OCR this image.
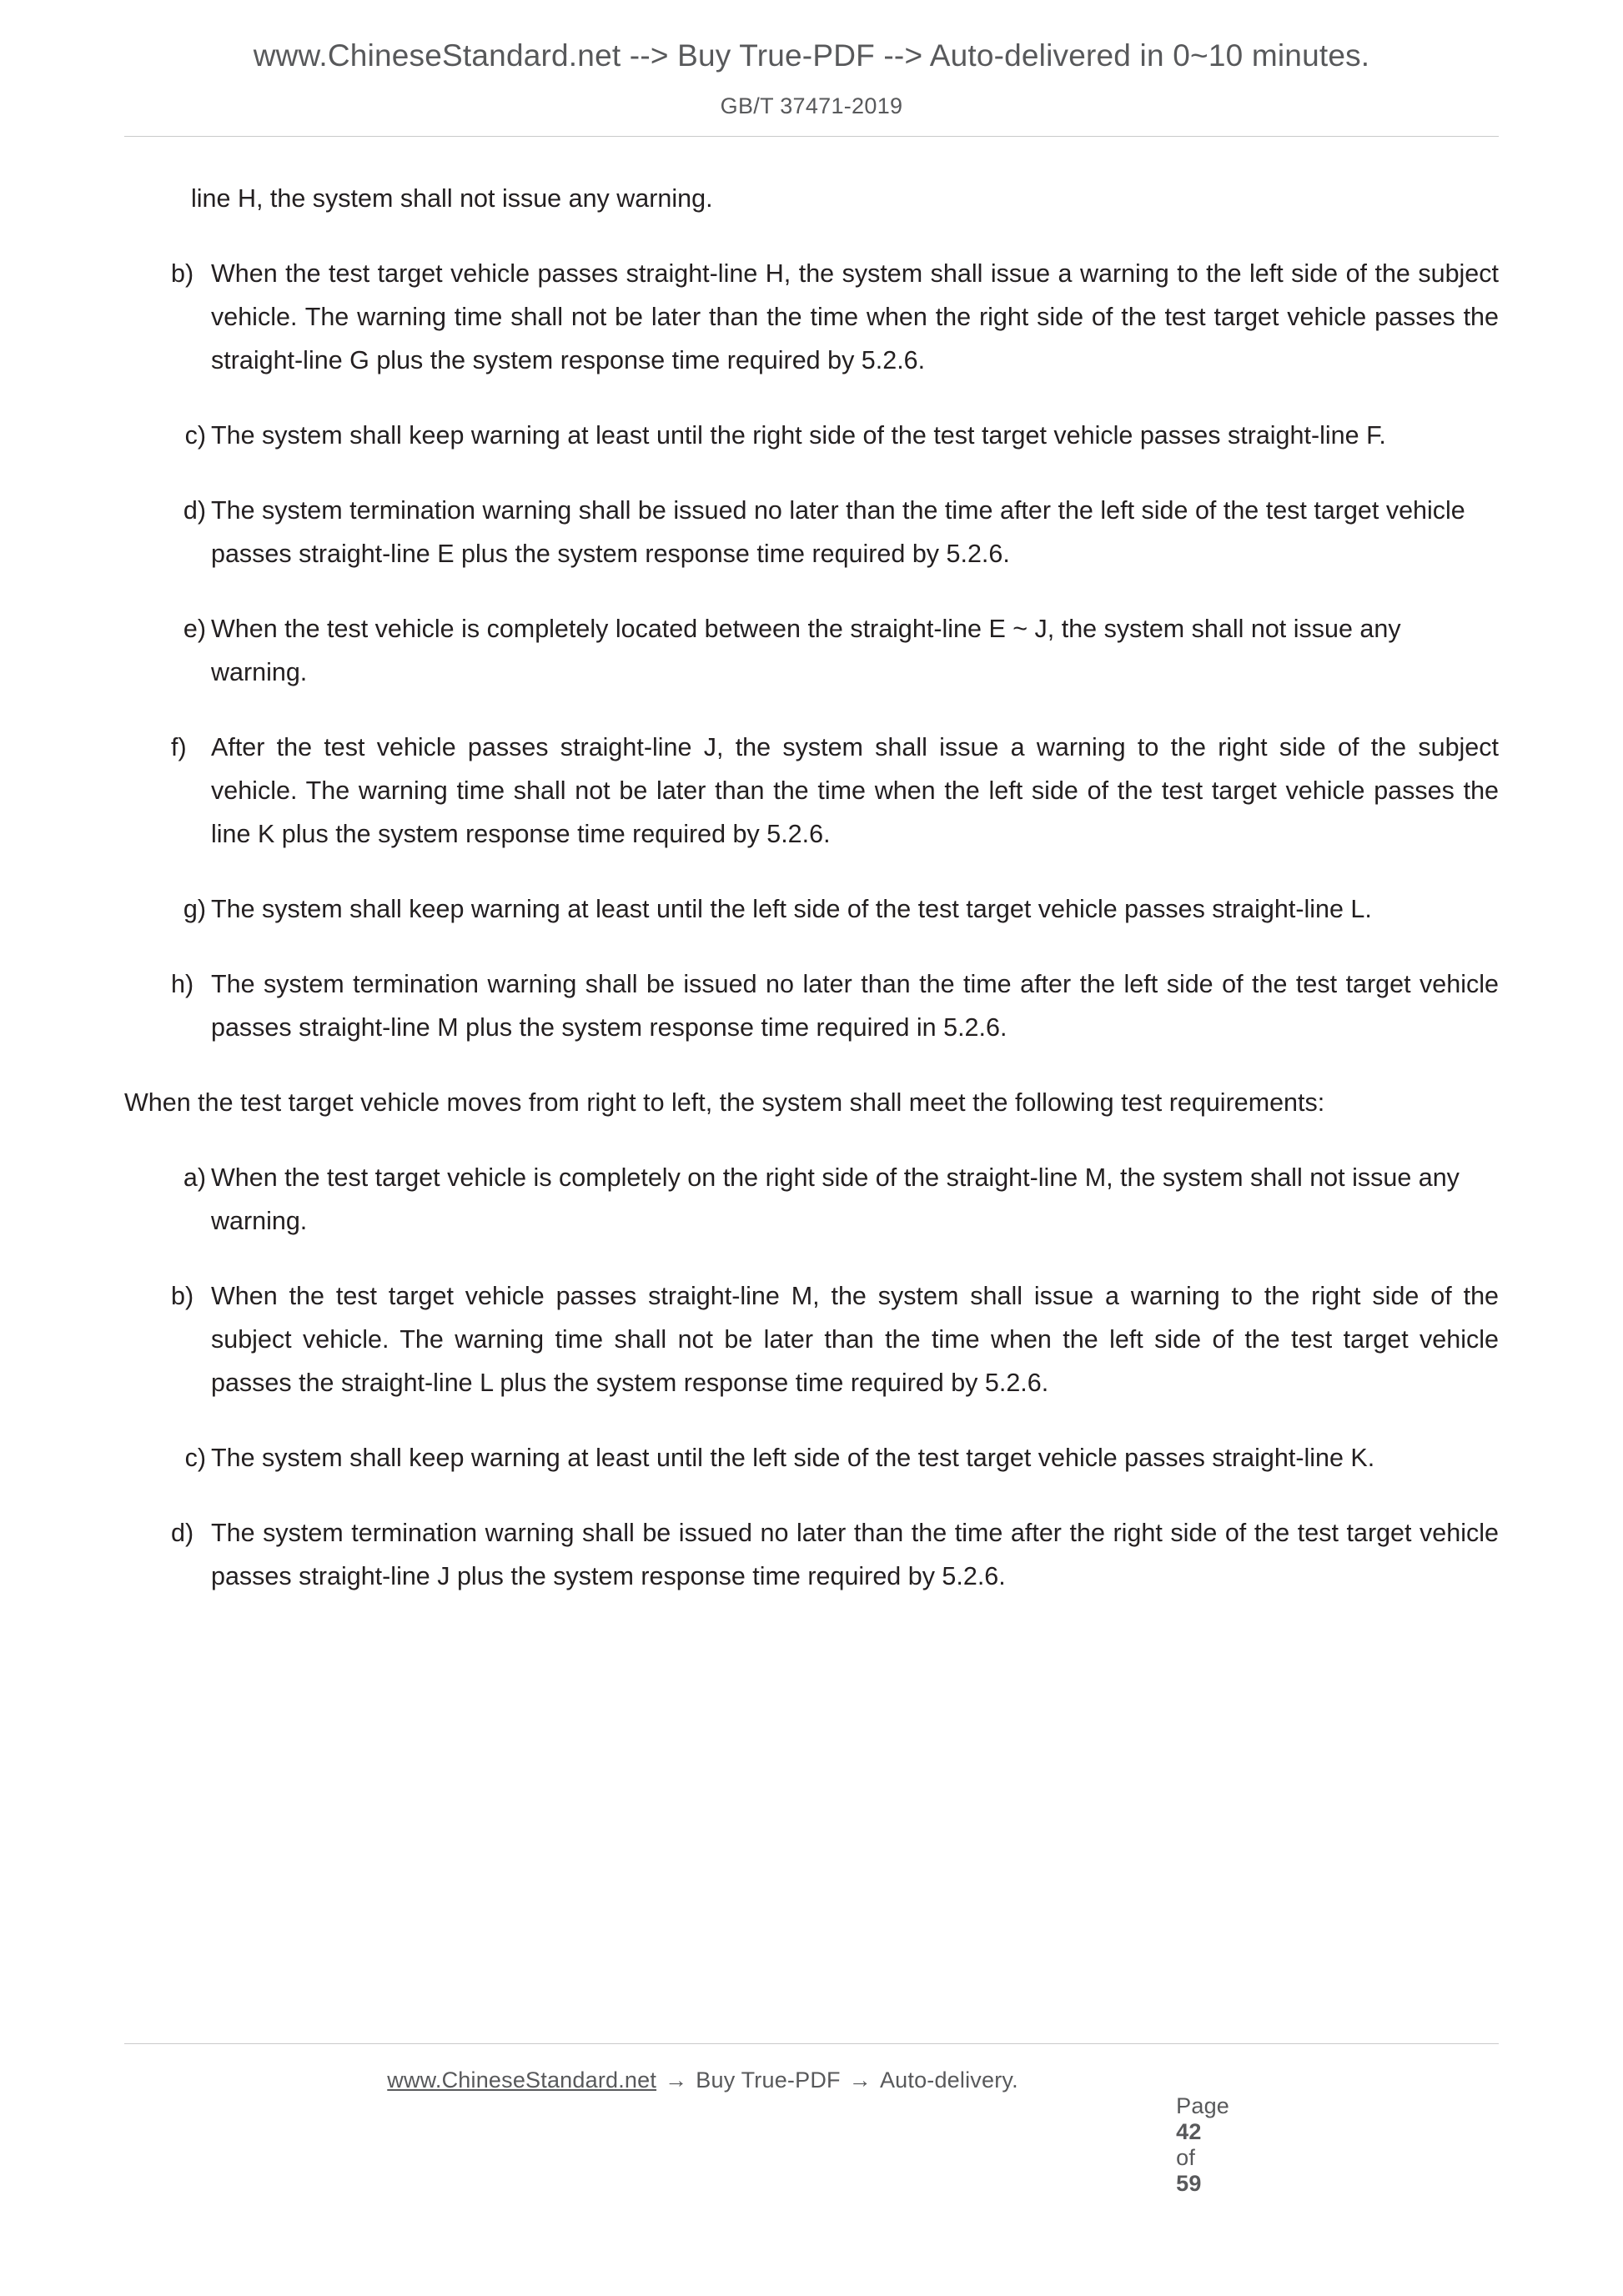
www.ChineseStandard.net --> Buy True-PDF --> Auto-delivered in 0~10 minutes.
GB/T 37471-2019

line H, the system shall not issue any warning.

b) When the test target vehicle passes straight-line H, the system shall issue a warning to the left side of the subject vehicle. The warning time shall not be later than the time when the right side of the test target vehicle passes the straight-line G plus the system response time required by 5.2.6.
c) The system shall keep warning at least until the right side of the test target vehicle passes straight-line F.
d) The system termination warning shall be issued no later than the time after the left side of the test target vehicle passes straight-line E plus the system response time required by 5.2.6.
e) When the test vehicle is completely located between the straight-line E ~ J, the system shall not issue any warning.
f) After the test vehicle passes straight-line J, the system shall issue a warning to the right side of the subject vehicle. The warning time shall not be later than the time when the left side of the test target vehicle passes the line K plus the system response time required by 5.2.6.
g) The system shall keep warning at least until the left side of the test target vehicle passes straight-line L.
h) The system termination warning shall be issued no later than the time after the left side of the test target vehicle passes straight-line M plus the system response time required in 5.2.6.

When the test target vehicle moves from right to left, the system shall meet the following test requirements:

a) When the test target vehicle is completely on the right side of the straight-line M, the system shall not issue any warning.
b) When the test target vehicle passes straight-line M, the system shall issue a warning to the right side of the subject vehicle. The warning time shall not be later than the time when the left side of the test target vehicle passes the straight-line L plus the system response time required by 5.2.6.
c) The system shall keep warning at least until the left side of the test target vehicle passes straight-line K.
d) The system termination warning shall be issued no later than the time after the right side of the test target vehicle passes straight-line J plus the system response time required by 5.2.6.
www.ChineseStandard.net → Buy True-PDF → Auto-delivery.

Page
42
of
59
